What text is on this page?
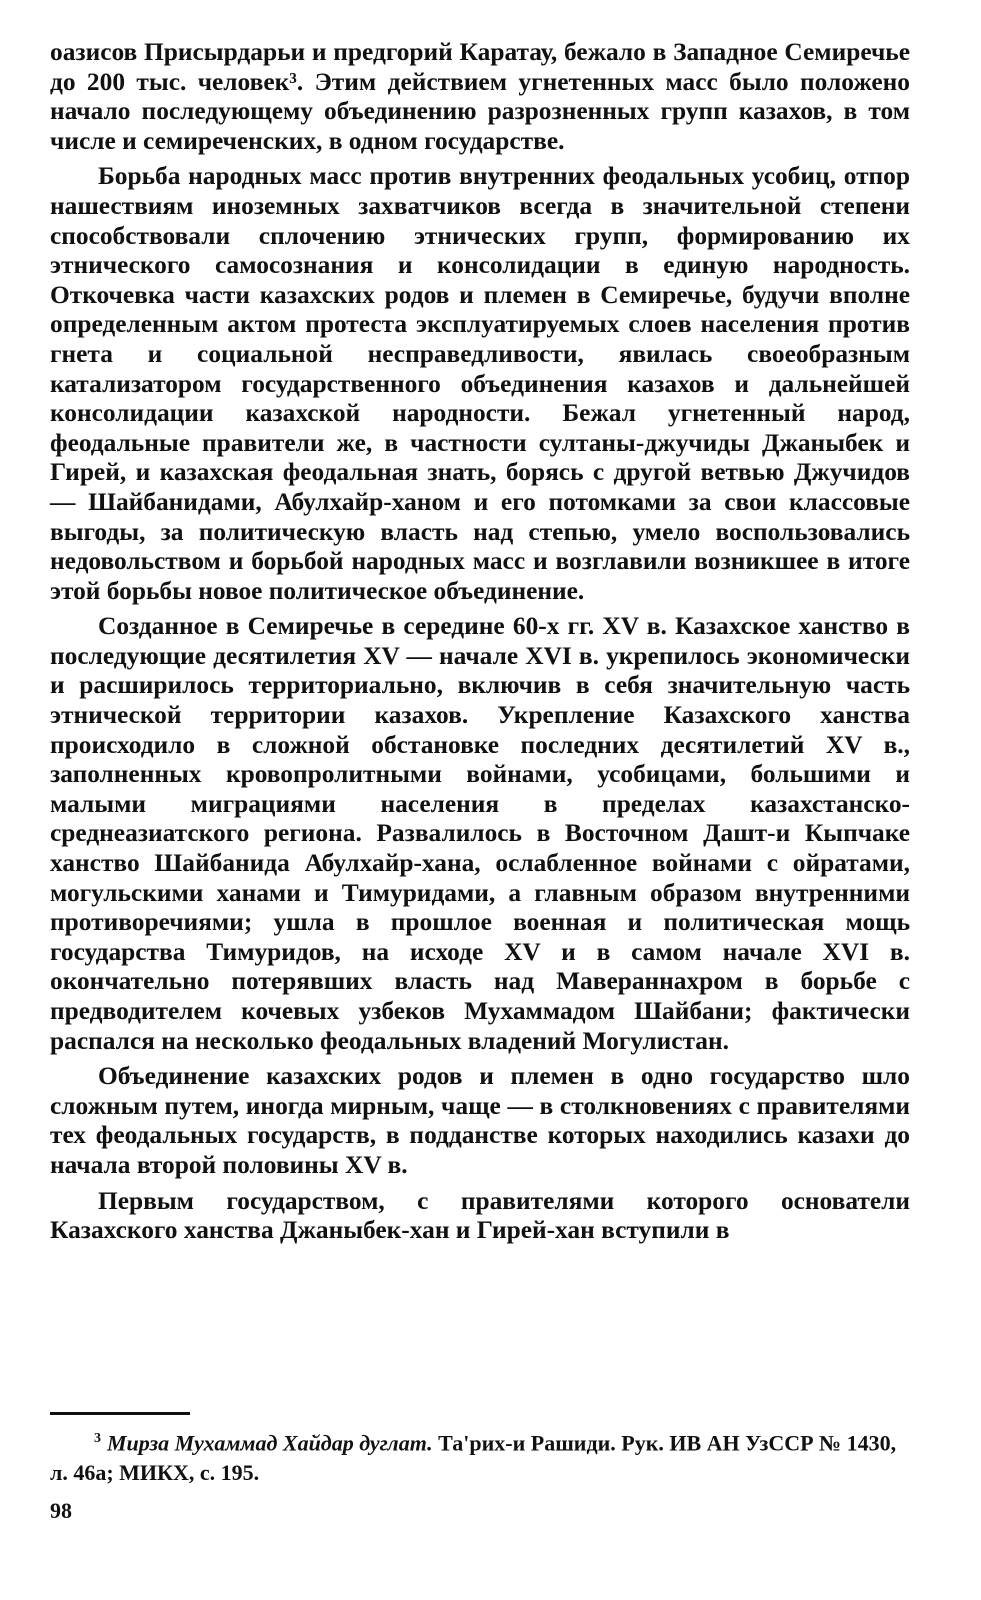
оазисов Присырдарьи и предгорий Каратау, бежало в Западное Семиречье до 200 тыс. человек³. Этим действием угнетенных масс было положено начало последующему объединению разрозненных групп казахов, в том числе и семиреченских, в одном государстве.

Борьба народных масс против внутренних феодальных усобиц, отпор нашествиям иноземных захватчиков всегда в значительной степени способствовали сплочению этнических групп, формированию их этнического самосознания и консолидации в единую народность. Откочевка части казахских родов и племен в Семиречье, будучи вполне определенным актом протеста эксплуатируемых слоев населения против гнета и социальной несправедливости, явилась своеобразным катализатором государственного объединения казахов и дальнейшей консолидации казахской народности. Бежал угнетенный народ, феодальные правители же, в частности султаны-джучиды Джаныбек и Гирей, и казахская феодальная знать, борясь с другой ветвью Джучидов — Шайбанидами, Абулхайр-ханом и его потомками за свои классовые выгоды, за политическую власть над степью, умело воспользовались недовольством и борьбой народных масс и возглавили возникшее в итоге этой борьбы новое политическое объединение.

Созданное в Семиречье в середине 60-х гг. XV в. Казахское ханство в последующие десятилетия XV — начале XVI в. укрепилось экономически и расширилось территориально, включив в себя значительную часть этнической территории казахов. Укрепление Казахского ханства происходило в сложной обстановке последних десятилетий XV в., заполненных кровопролитными войнами, усобицами, большими и малыми миграциями населения в пределах казахстанско-среднеазиатского региона. Развалилось в Восточном Дашт-и Кыпчаке ханство Шайбанида Абулхайр-хана, ослабленное войнами с ойратами, могульскими ханами и Тимуридами, а главным образом внутренними противоречиями; ушла в прошлое военная и политическая мощь государства Тимуридов, на исходе XV и в самом начале XVI в. окончательно потерявших власть над Мавераннахром в борьбе с предводителем кочевых узбеков Мухаммадом Шайбани; фактически распался на несколько феодальных владений Могулистан.

Объединение казахских родов и племен в одно государство шло сложным путем, иногда мирным, чаще — в столкновениях с правителями тех феодальных государств, в подданстве которых находились казахи до начала второй половины XV в.

Первым государством, с правителями которого основатели Казахского ханства Джаныбек-хан и Гирей-хан вступили в

$^3$ Мирза Мухаммад Хайдар дуглат. Та'рих-и Рашиди. Рук. ИВ АН УзССР № 1430, л. 46а; МИКХ, с. 195.
98
